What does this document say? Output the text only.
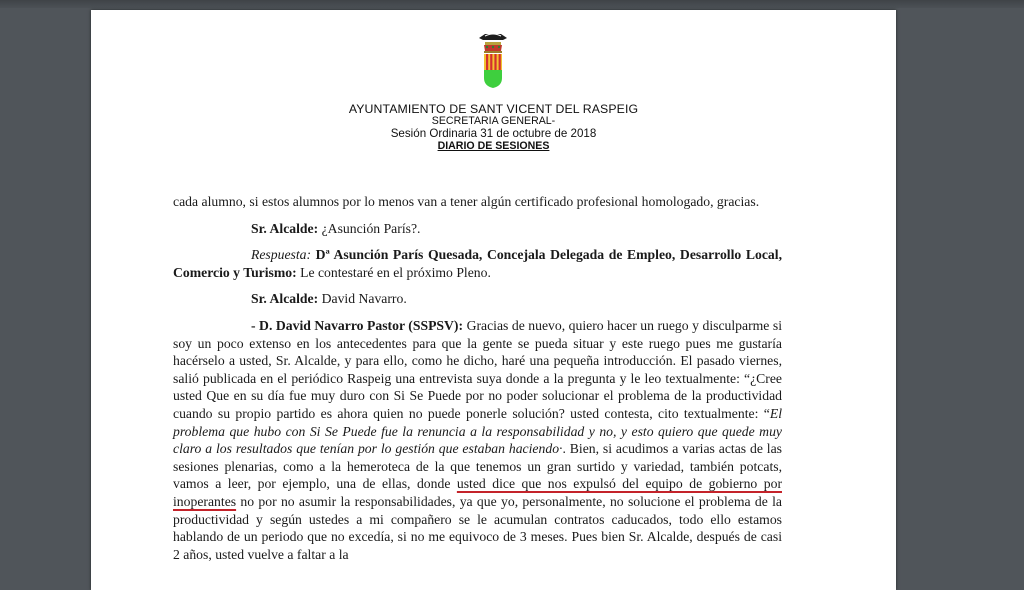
AYUNTAMIENTO DE SANT VICENT DEL RASPEIG
SECRETARIA GENERAL-
Sesión Ordinaria 31 de octubre de 2018
DIARIO DE SESIONES

cada alumno, si estos alumnos por lo menos van a tener algún certificado profesional homologado, gracias.

Sr. Alcalde: ¿Asunción París?.

Respuesta: Dª Asunción París Quesada, Concejala Delegada de Empleo, Desarrollo Local, Comercio y Turismo: Le contestaré en el próximo Pleno.

Sr. Alcalde: David Navarro.

- D. David Navarro Pastor (SSPSV): Gracias de nuevo, quiero hacer un ruego y disculparme si soy un poco extenso en los antecedentes para que la gente se pueda situar y este ruego pues me gustaría hacérselo a usted, Sr. Alcalde, y para ello, como he dicho, haré una pequeña introducción. El pasado viernes, salió publicada en el periódico Raspeig una entrevista suya donde a la pregunta y le leo textualmente: “¿Cree usted Que en su día fue muy duro con Si Se Puede por no poder solucionar el problema de la productividad cuando su propio partido es ahora quien no puede ponerle solución? usted contesta, cito textualmente: “El problema que hubo con Si Se Puede fue la renuncia a la responsabilidad y no, y esto quiero que quede muy claro a los resultados que tenían por lo gestión que estaban haciendo·. Bien, si acudimos a varias actas de las sesiones plenarias, como a la hemeroteca de la que tenemos un gran surtido y variedad, también potcats, vamos a leer, por ejemplo, una de ellas, donde usted dice que nos expulsó del equipo de gobierno por inoperantes no por no asumir la responsabilidades, ya que yo, personalmente, no solucione el problema de la productividad y según ustedes a mi compañero se le acumulan contratos caducados, todo ello estamos hablando de un periodo que no excedía, si no me equivoco de 3 meses. Pues bien Sr. Alcalde, después de casi 2 años, usted vuelve a faltar a la
